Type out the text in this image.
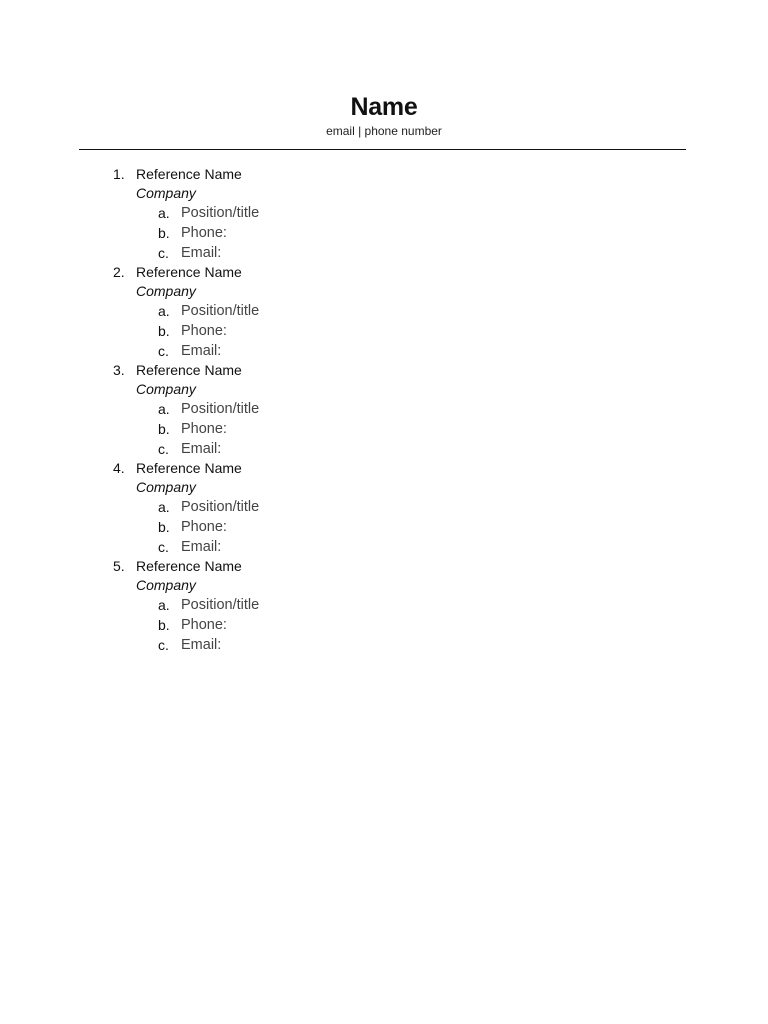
Name
email | phone number
1. Reference Name
Company
a. Position/title
b. Phone:
c. Email:
2. Reference Name
Company
a. Position/title
b. Phone:
c. Email:
3. Reference Name
Company
a. Position/title
b. Phone:
c. Email:
4. Reference Name
Company
a. Position/title
b. Phone:
c. Email:
5. Reference Name
Company
a. Position/title
b. Phone:
c. Email:
